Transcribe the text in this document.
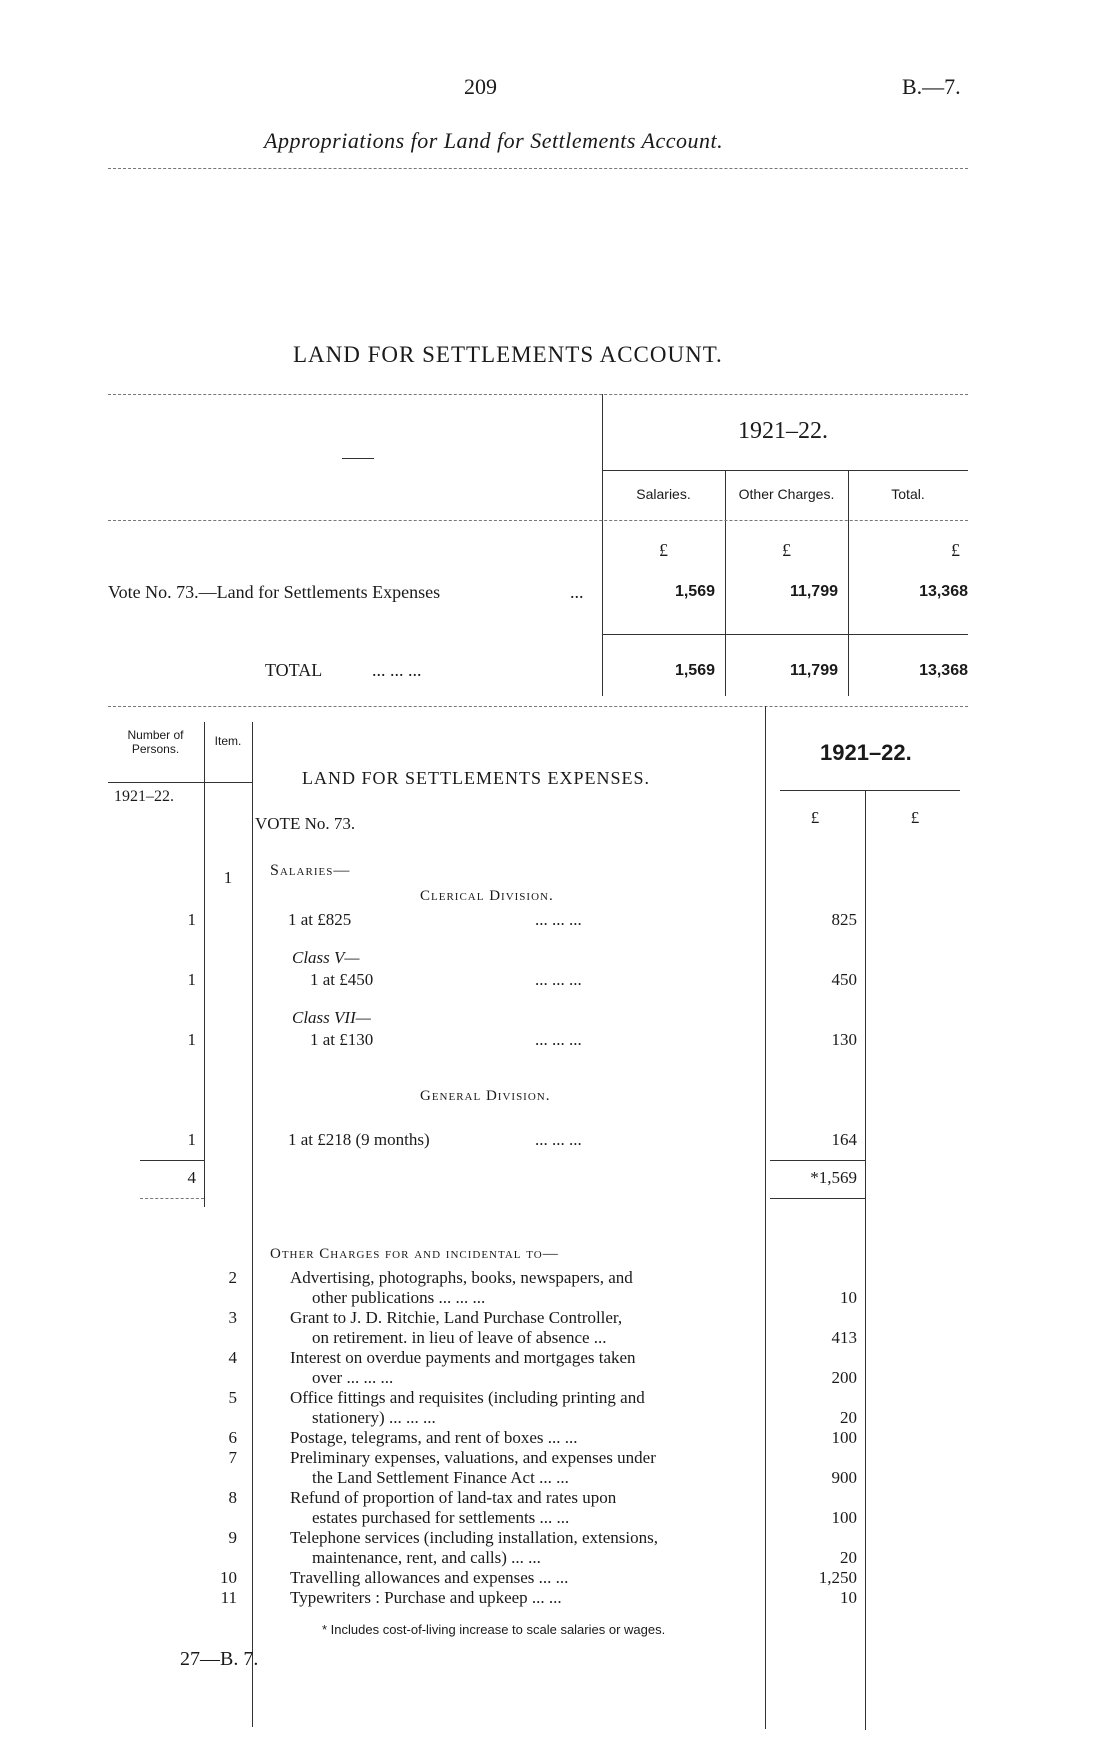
209	B.—7.
Appropriations for Land for Settlements Account.
LAND FOR SETTLEMENTS ACCOUNT.
1921–22.
Salaries.	Other Charges.	Total.
£	£	£
Vote No. 73.—Land for Settlements Expenses	...	1,569	11,799	13,368
TOTAL	... ... ...	1,569	11,799	13,368
Number of Persons.
Item.
1921–22.
LAND FOR SETTLEMENTS EXPENSES.
VOTE No. 73.
1921–22.
£	£
1	Salaries—
Clerical Division.
1	1 at £825	... ... ...	825
Class V—
1	1 at £450	... ... ...	450
Class VII—
1	1 at £130	... ... ...	130
General Division.
1	1 at £218 (9 months)	... ... ...	164
4	*1,569
Other Charges for and incidental to—
2	Advertising, photographs, books, newspapers, and
other publications ... ... ...	10
3	Grant to J. D. Ritchie, Land Purchase Controller,
on retirement. in lieu of leave of absence ...	413
4	Interest on overdue payments and mortgages taken
over ... ... ...	200
5	Office fittings and requisites (including printing and
stationery) ... ... ...	20
6	Postage, telegrams, and rent of boxes ... ...	100
7	Preliminary expenses, valuations, and expenses under
the Land Settlement Finance Act ... ...	900
8	Refund of proportion of land-tax and rates upon
estates purchased for settlements ... ...	100
9	Telephone services (including installation, extensions,
maintenance, rent, and calls) ... ...	20
10	Travelling allowances and expenses ... ...	1,250
11	Typewriters : Purchase and upkeep ... ...	10
* Includes cost-of-living increase to scale salaries or wages.
27—B. 7.
